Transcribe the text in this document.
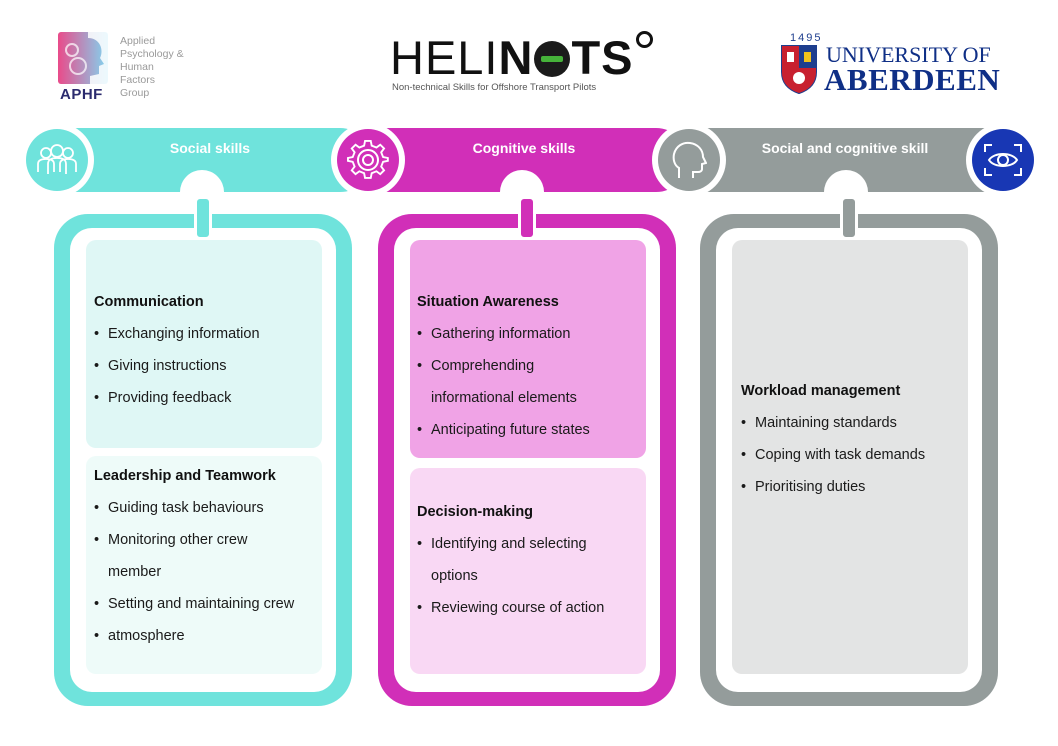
APHF
Applied
Psychology &
Human
Factors
Group
HELIN TS
Non-technical Skills for Offshore Transport Pilots
1495
UNIVERSITY OF
ABERDEEN
Social skills	Cognitive skills	Social and cognitive skill
Communication
• Exchanging information
• Giving instructions
• Providing feedback
Leadership and Teamwork
• Guiding task behaviours
• Monitoring other crew
member
• Setting and maintaining crew
• atmosphere
Situation Awareness
• Gathering information
• Comprehending
informational elements
• Anticipating future states
Decision-making
• Identifying and selecting
options
• Reviewing course of action
Workload management
• Maintaining standards
• Coping with task demands
• Prioritising duties
